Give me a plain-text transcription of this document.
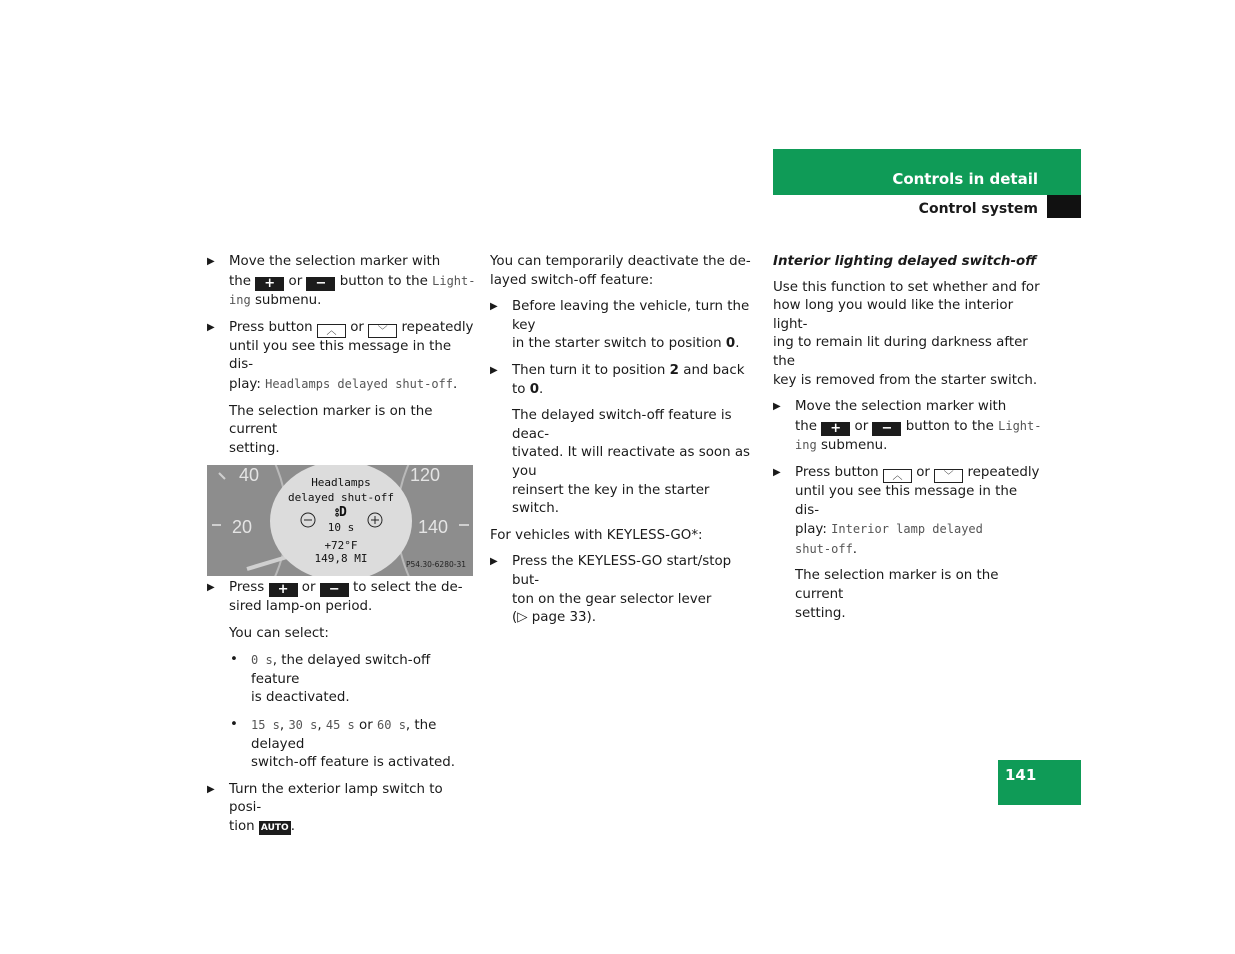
Controls in detail
Control system
▶ Move the selection marker with

the + or − button to the Light-

ing submenu.

▶ Press button ︿ or ﹀ repeatedly

until you see this message in the dis-

play: Headlamps delayed shut-off.

The selection marker is on the current

setting.

40	120
20	140
Headlamps
delayed shut-off
⦂D
10 s
+72°F
149,8 MI	P54.30-6280-31
▶ Press + or − to select the de-

sired lamp-on period.

You can select:
• 0 s, the delayed switch-off feature

is deactivated.

• 15 s, 30 s, 45 s or 60 s, the delayed

switch-off feature is activated.

▶ Turn the exterior lamp switch to posi-

tion AUTO .

You can temporarily deactivate the de-

layed switch-off feature:

▶ Before leaving the vehicle, turn the key

in the starter switch to position 0.

▶ Then turn it to position 2 and back

to 0.

The delayed switch-off feature is deac-

tivated. It will reactivate as soon as you

reinsert the key in the starter switch.

For vehicles with KEYLESS-GO*:
▶ Press the KEYLESS-GO start/stop but-

ton on the gear selector lever

(▷ page 33).

Interior lighting delayed switch-off

Use this function to set whether and for

how long you would like the interior light-

ing to remain lit during darkness after the

key is removed from the starter switch.

▶ Move the selection marker with

the + or − button to the Light-

ing submenu.

▶ Press button ︿ or ﹀ repeatedly

until you see this message in the dis-

play: Interior lamp delayed

shut-off.

The selection marker is on the current

setting.

141
